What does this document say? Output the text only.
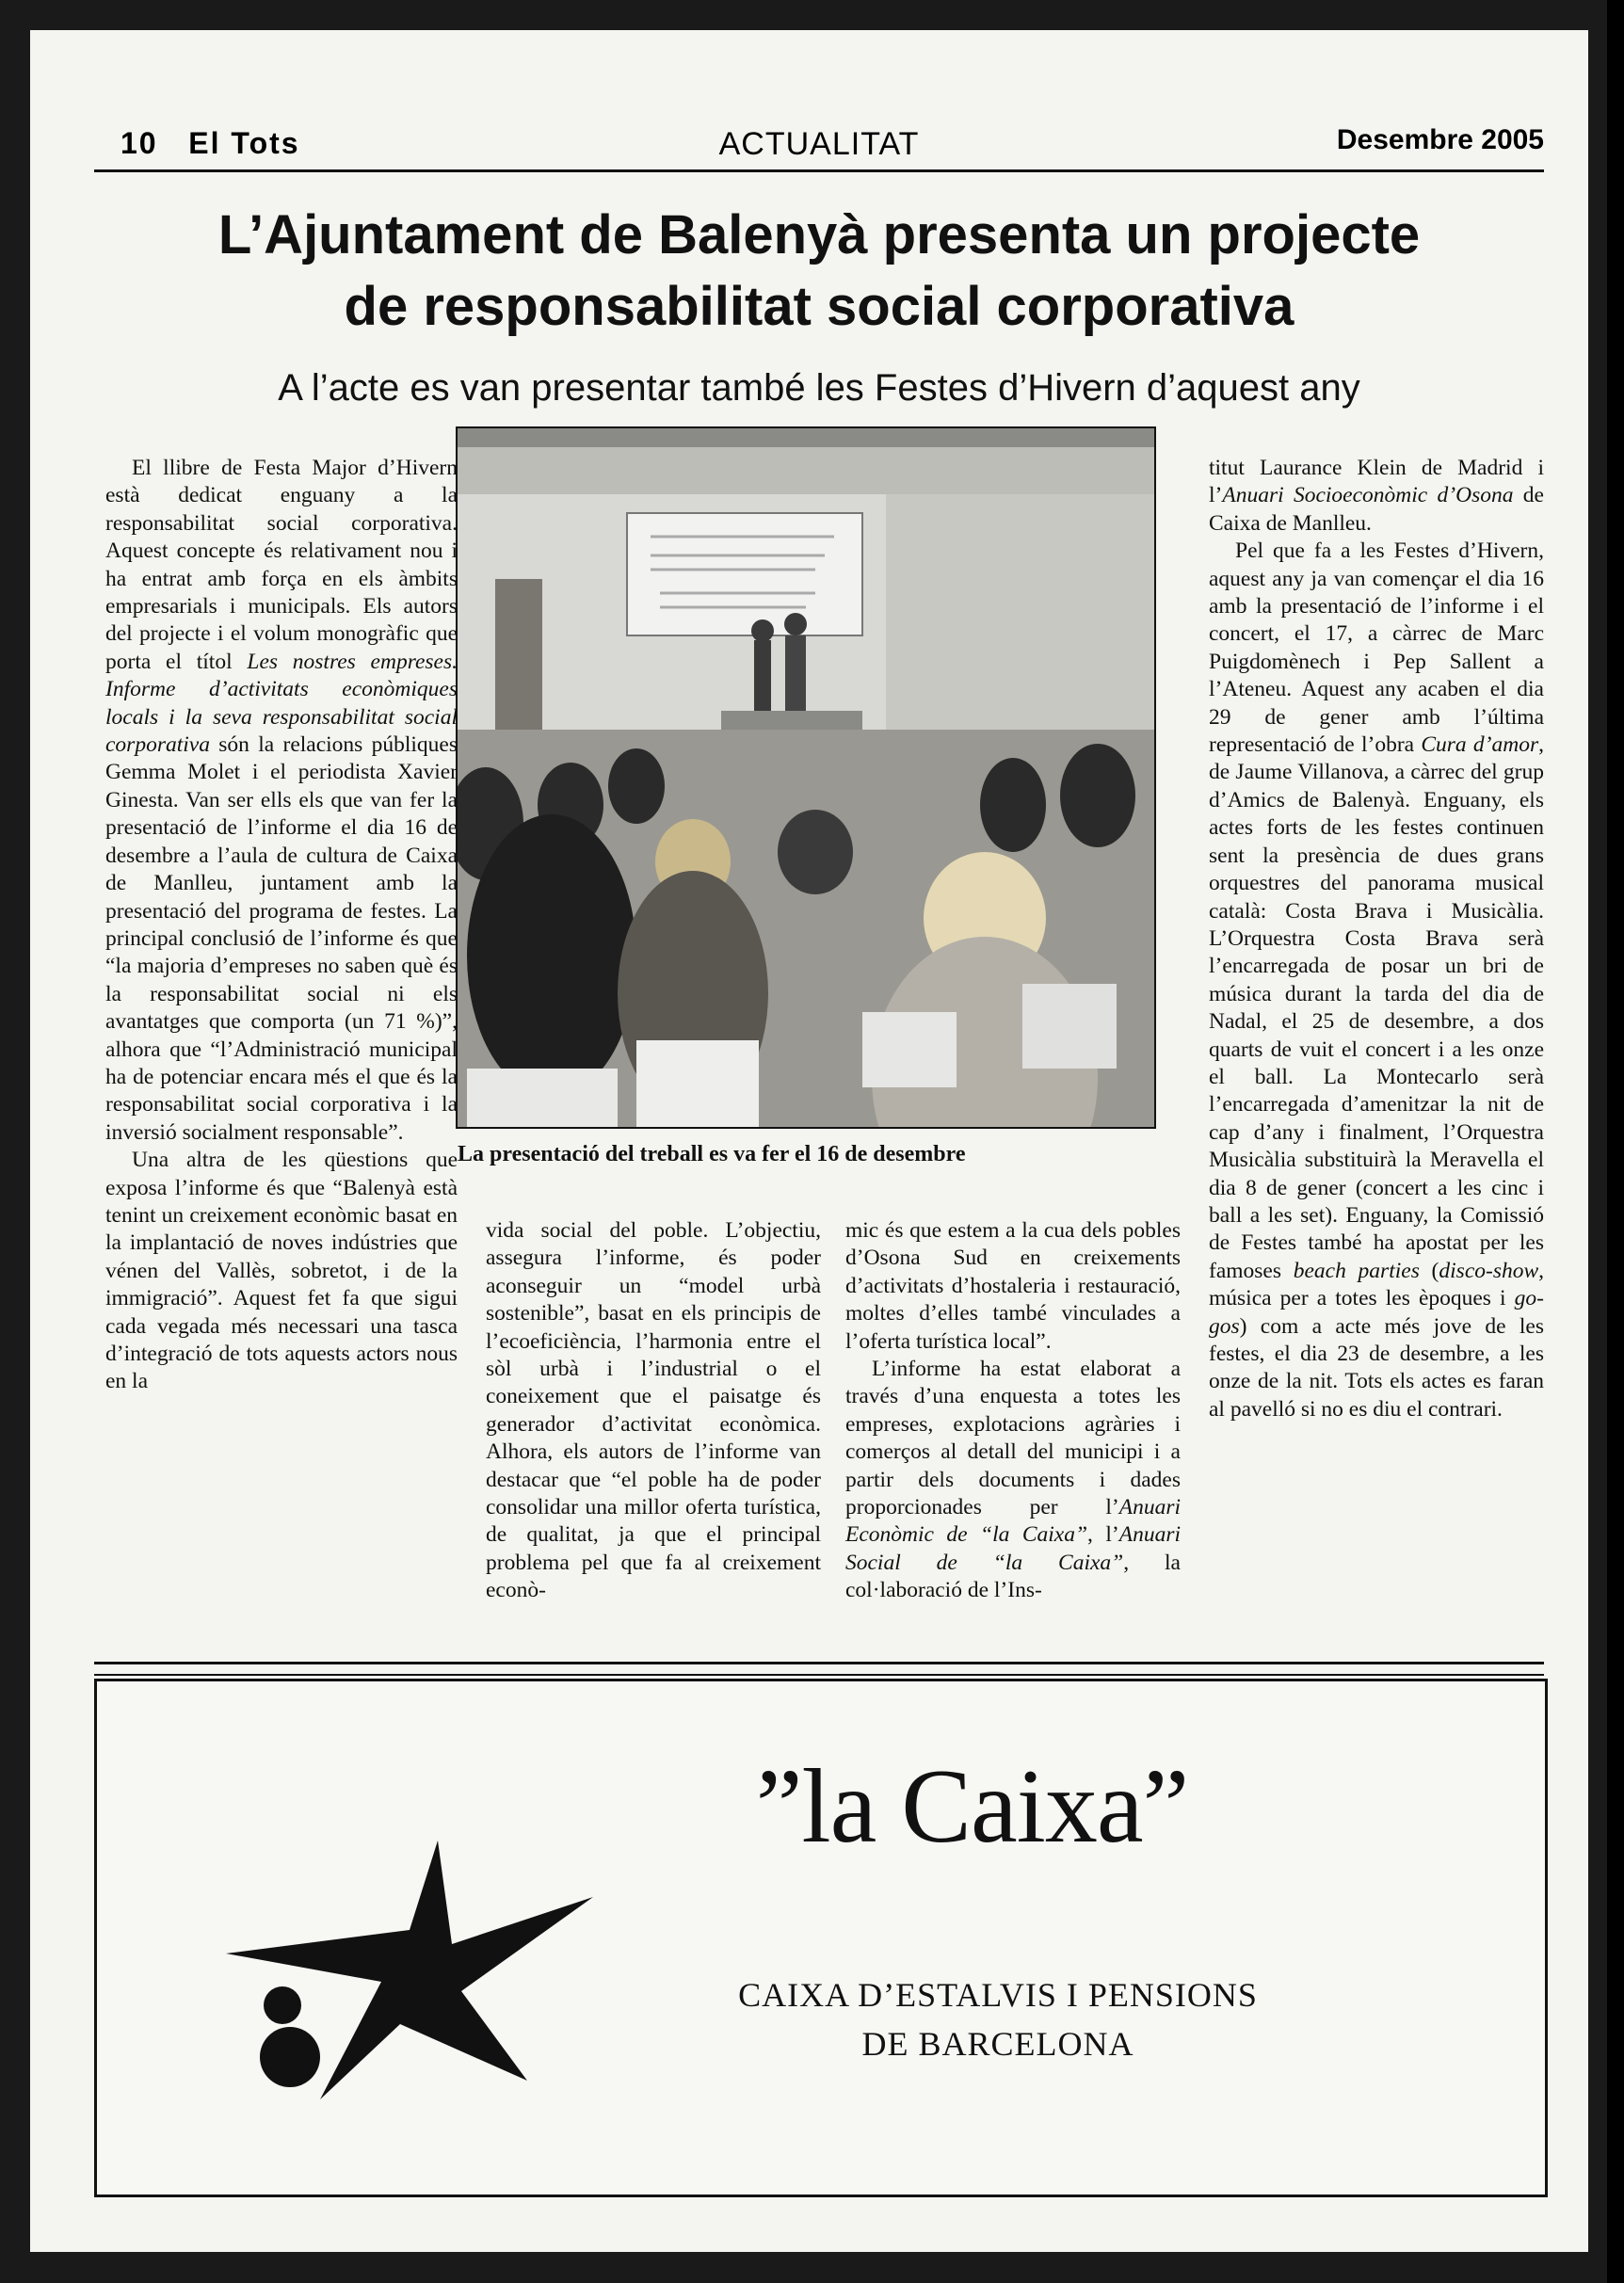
10 El Tots	ACTUALITAT	Desembre 2005
L’Ajuntament de Balenyà presenta un projecte
de responsabilitat social corporativa
A l’acte es van presentar també les Festes d’Hivern d’aquest any

El llibre de Festa Major d’Hivern està dedicat enguany a la responsabilitat social corporativa. Aquest concepte és relativament nou i ha entrat amb força en els àmbits empresarials i municipals. Els autors del projecte i el volum monogràfic que porta el títol Les nostres empreses. Informe d’activitats econòmiques locals i la seva responsabilitat social corporativa són la relacions públiques Gemma Molet i el periodista Xavier Ginesta. Van ser ells els que van fer la presentació de l’informe el dia 16 de desembre a l’aula de cultura de Caixa de Manlleu, juntament amb la presentació del programa de festes. La principal conclusió de l’informe és que “la majoria d’empreses no saben què és la responsabilitat social ni els avantatges que comporta (un 71 %)”, alhora que “l’Administració municipal ha de potenciar encara més el que és la responsabilitat social corporativa i la inversió socialment responsable”.

Una altra de les qüestions que exposa l’informe és que “Balenyà està tenint un creixement econòmic basat en la implantació de noves indústries que vénen del Vallès, sobretot, i de la immigració”. Aquest fet fa que sigui cada vegada més necessari una tasca d’integració de tots aquests actors nous en la

La presentació del treball es va fer el 16 de desembre

vida social del poble. L’objectiu, assegura l’informe, és poder aconseguir un “model urbà sostenible”, basat en els principis de l’ecoeficiència, l’harmonia entre el sòl urbà i l’industrial o el coneixement que el paisatge és generador d’activitat econòmica. Alhora, els autors de l’informe van destacar que “el poble ha de poder consolidar una millor oferta turística, de qualitat, ja que el principal problema pel que fa al creixement econò-

mic és que estem a la cua dels pobles d’Osona Sud en creixements d’activitats d’hostaleria i restauració, moltes d’elles també vinculades a l’oferta turística local”.

L’informe ha estat elaborat a través d’una enquesta a totes les empreses, explotacions agràries i comerços al detall del municipi i a partir dels documents i dades proporcionades per l’Anuari Econòmic de “la Caixa”, l’Anuari Social de “la Caixa”, la col·laboració de l’Ins-

titut Laurance Klein de Madrid i l’Anuari Socioeconòmic d’Osona de Caixa de Manlleu.

Pel que fa a les Festes d’Hivern, aquest any ja van començar el dia 16 amb la presentació de l’informe i el concert, el 17, a càrrec de Marc Puigdomènech i Pep Sallent a l’Ateneu. Aquest any acaben el dia 29 de gener amb l’última representació de l’obra Cura d’amor, de Jaume Villanova, a càrrec del grup d’Amics de Balenyà. Enguany, els actes forts de les festes continuen sent la presència de dues grans orquestres del panorama musical català: Costa Brava i Musicàlia. L’Orquestra Costa Brava serà l’encarregada de posar un bri de música durant la tarda del dia de Nadal, el 25 de desembre, a dos quarts de vuit el concert i a les onze el ball. La Montecarlo serà l’encarregada d’amenitzar la nit de cap d’any i finalment, l’Orquestra Musicàlia substituirà la Meravella el dia 8 de gener (concert a les cinc i ball a les set). Enguany, la Comissió de Festes també ha apostat per les famoses beach parties (disco-show, música per a totes les èpoques i go-gos) com a acte més jove de les festes, el dia 23 de desembre, a les onze de la nit. Tots els actes es faran al pavelló si no es diu el contrari.

”la Caixa”
CAIXA D’ESTALVIS I PENSIONS
DE BARCELONA
